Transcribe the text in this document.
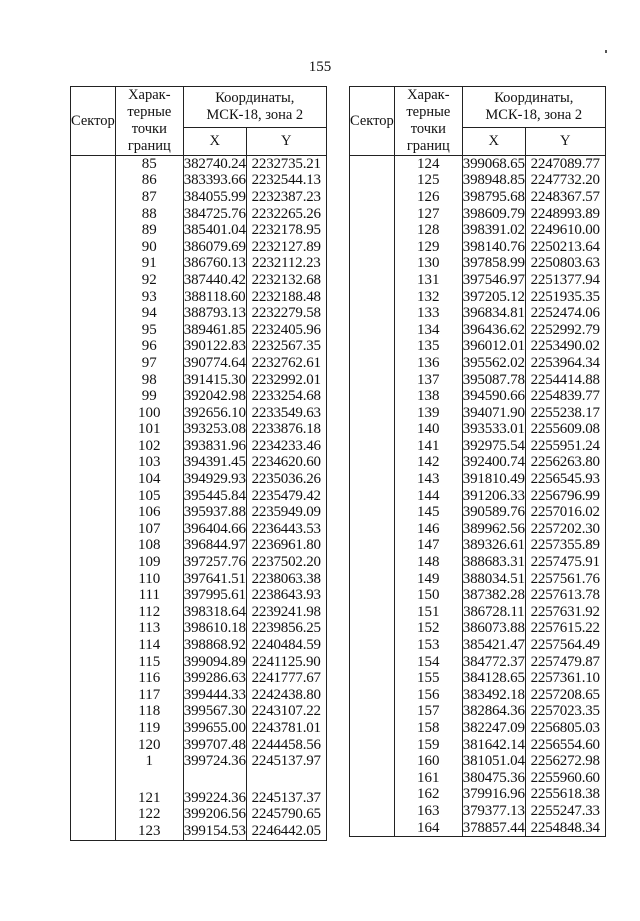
155
Сектор	Харак-
терные
точки
границ	Координаты,
МСК-18, зона 2	
		X	Y
	85	382740.24	2232735.21
	86	383393.66	2232544.13
	87	384055.99	2232387.23
	88	384725.76	2232265.26
	89	385401.04	2232178.95
	90	386079.69	2232127.89
	91	386760.13	2232112.23
	92	387440.42	2232132.68
	93	388118.60	2232188.48
	94	388793.13	2232279.58
	95	389461.85	2232405.96
	96	390122.83	2232567.35
	97	390774.64	2232762.61
	98	391415.30	2232992.01
	99	392042.98	2233254.68
	100	392656.10	2233549.63
	101	393253.08	2233876.18
	102	393831.96	2234233.46
	103	394391.45	2234620.60
	104	394929.93	2235036.26
	105	395445.84	2235479.42
	106	395937.88	2235949.09
	107	396404.66	2236443.53
	108	396844.97	2236961.80
	109	397257.76	2237502.20
	110	397641.51	2238063.38
	111	397995.61	2238643.93
	112	398318.64	2239241.98
	113	398610.18	2239856.25
	114	398868.92	2240484.59
	115	399094.89	2241125.90
	116	399286.63	2241777.67
	117	399444.33	2242438.80
	118	399567.30	2243107.22
	119	399655.00	2243781.01
	120	399707.48	2244458.56
	1	399724.36	2245137.97

	121	399224.36	2245137.37
	122	399206.56	2245790.65
	123	399154.53	2246442.05
Сектор	Харак-
терные
точки
границ	Координаты,
МСК-18, зона 2	
		X	Y
	124	399068.65	2247089.77
	125	398948.85	2247732.20
	126	398795.68	2248367.57
	127	398609.79	2248993.89
	128	398391.02	2249610.00
	129	398140.76	2250213.64
	130	397858.99	2250803.63
	131	397546.97	2251377.94
	132	397205.12	2251935.35
	133	396834.81	2252474.06
	134	396436.62	2252992.79
	135	396012.01	2253490.02
	136	395562.02	2253964.34
	137	395087.78	2254414.88
	138	394590.66	2254839.77
	139	394071.90	2255238.17
	140	393533.01	2255609.08
	141	392975.54	2255951.24
	142	392400.74	2256263.80
	143	391810.49	2256545.93
	144	391206.33	2256796.99
	145	390589.76	2257016.02
	146	389962.56	2257202.30
	147	389326.61	2257355.89
	148	388683.31	2257475.91
	149	388034.51	2257561.76
	150	387382.28	2257613.78
	151	386728.11	2257631.92
	152	386073.88	2257615.22
	153	385421.47	2257564.49
	154	384772.37	2257479.87
	155	384128.65	2257361.10
	156	383492.18	2257208.65
	157	382864.36	2257023.35
	158	382247.09	2256805.03
	159	381642.14	2256554.60
	160	381051.04	2256272.98
	161	380475.36	2255960.60
	162	379916.96	2255618.38
	163	379377.13	2255247.33
	164	378857.44	2254848.34
